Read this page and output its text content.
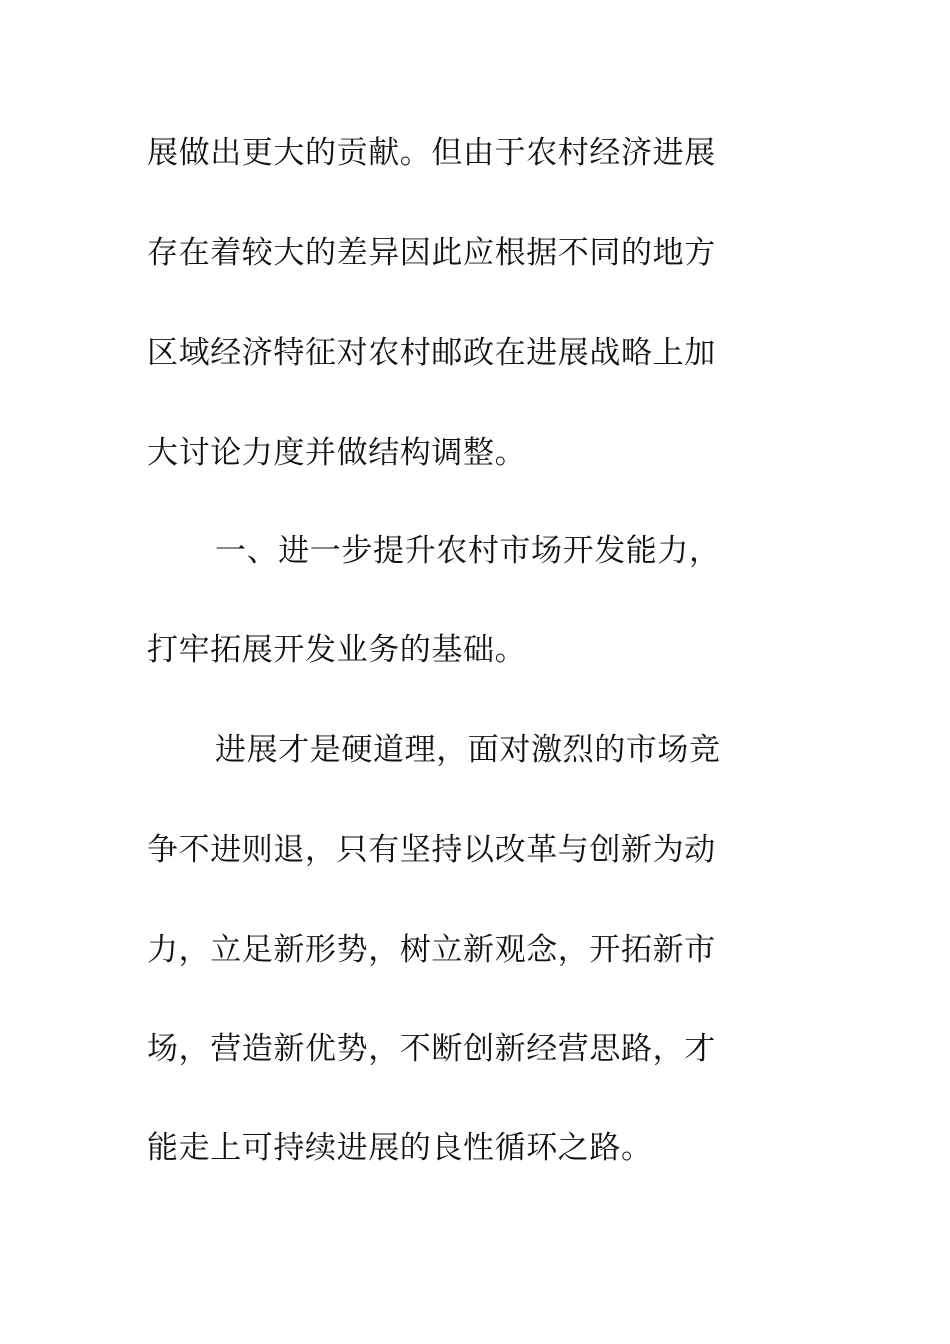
展做出更大的贡献。但由于农村经济进展
存在着较大的差异因此应根据不同的地方
区域经济特征对农村邮政在进展战略上加
大讨论力度并做结构调整。
一、进一步提升农村市场开发能力，
打牢拓展开发业务的基础。
进展才是硬道理，面对激烈的市场竞
争不进则退，只有坚持以改革与创新为动
力，立足新形势，树立新观念，开拓新市
场，营造新优势，不断创新经营思路，才
能走上可持续进展的良性循环之路。
